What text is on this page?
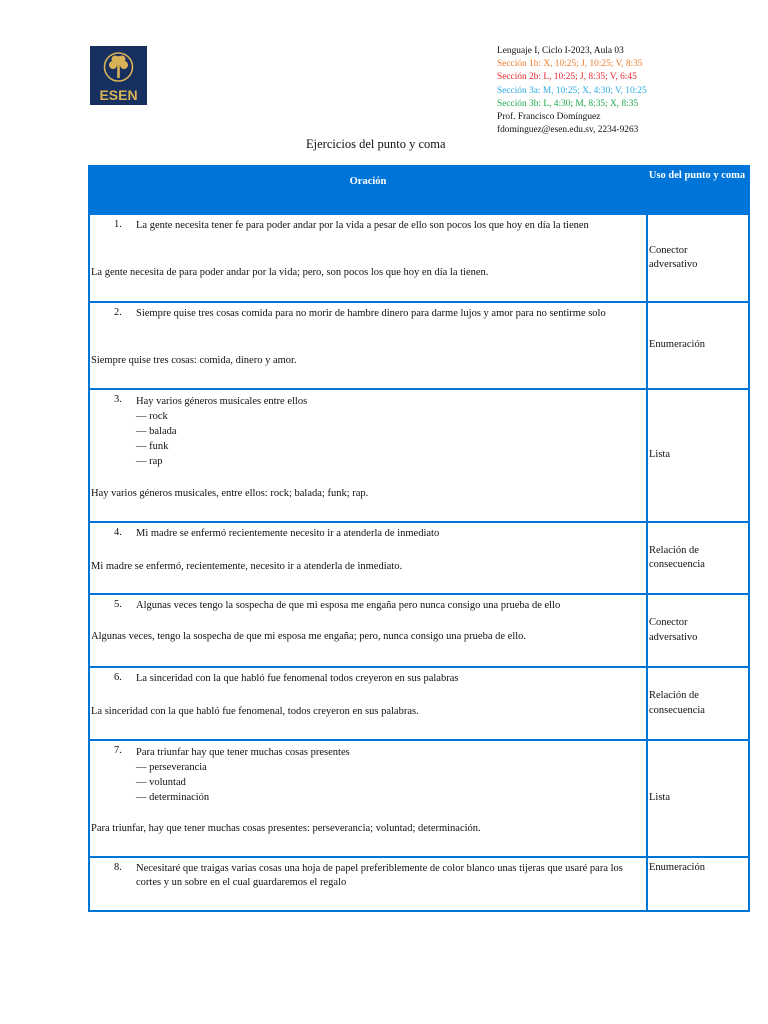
ESEN
Lenguaje I, Ciclo I-2023, Aula 03
Sección 1b: X, 10:25; J, 10:25; V, 8:35
Sección 2b: L, 10:25; J, 8:35; V, 6:45
Sección 3a: M, 10:25; X, 4:30; V, 10:25
Sección 3b: L, 4:30; M, 8:35; X, 8:35
Prof. Francisco Domínguez
fdominguez@esen.edu.sv, 2234-9263
Ejercicios del punto y coma
Oración
Uso del punto y coma
1.	La gente necesita tener fe para poder andar por la vida a pesar de ello son pocos los que hoy en día la tienen
La gente necesita de para poder andar por la vida; pero, son pocos los que hoy en día la tienen.
Conector adversativo
2.	Siempre quise tres cosas comida para no morir de hambre dinero para darme lujos y amor para no sentirme solo
Siempre quise tres cosas: comida, dinero y amor.
Enumeración
3.	Hay varios géneros musicales entre ellos
— rock
— balada
— funk
— rap
Hay varios géneros musicales, entre ellos: rock; balada; funk; rap.
Lista
4.	Mi madre se enfermó recientemente necesito ir a atenderla de inmediato
Mi madre se enfermó, recientemente, necesito ir a atenderla de inmediato.
Relación de consecuencia
5.	Algunas veces tengo la sospecha de que mi esposa me engaña pero nunca consigo una prueba de ello
Algunas veces, tengo la sospecha de que mi esposa me engaña; pero, nunca consigo una prueba de ello.
Conector adversativo
6.	La sinceridad con la que habló fue fenomenal todos creyeron en sus palabras
La sinceridad con la que habló fue fenomenal, todos creyeron en sus palabras.
Relación de consecuencia
7.	Para triunfar hay que tener muchas cosas presentes
— perseverancia
— voluntad
— determinación
Para triunfar, hay que tener muchas cosas presentes: perseverancia; voluntad; determinación.
Lista
8.	Necesitaré que traigas varias cosas una hoja de papel preferiblemente de color blanco unas tijeras que usaré para los cortes y un sobre en el cual guardaremos el regalo
Enumeración
